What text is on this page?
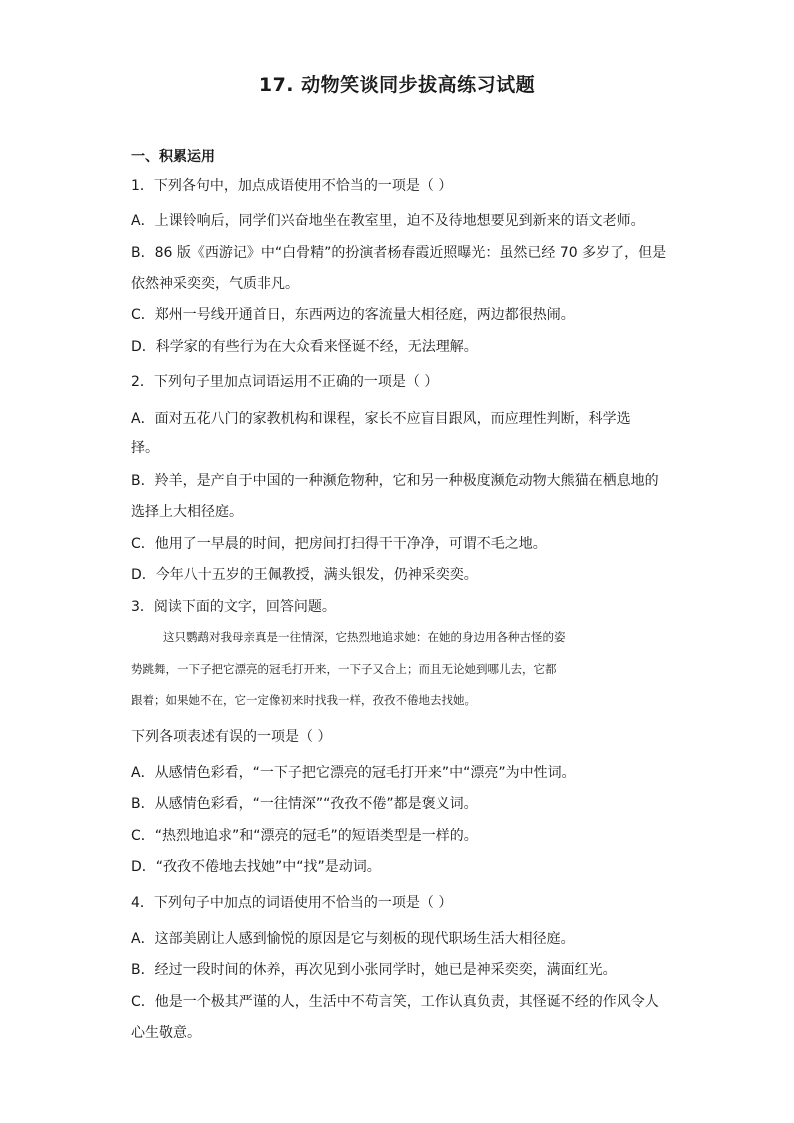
17. 动物笑谈同步拔高练习试题
一、积累运用
1．下列各句中，加点成语使用不恰当的一项是（ ）
A．上课铃响后，同学们兴奋地坐在教室里，迫不及待地想要见到新来的语文老师。
B．86 版《西游记》中“白骨精”的扮演者杨春霞近照曝光：虽然已经 70 多岁了，但是
依然神采奕奕，气质非凡。
C．郑州一号线开通首日，东西两边的客流量大相径庭，两边都很热闹。
D．科学家的有些行为在大众看来怪诞不经，无法理解。
2．下列句子里加点词语运用不正确的一项是（ ）
A．面对五花八门的家教机构和课程，家长不应盲目跟风，而应理性判断，科学选
择。
B．羚羊，是产自于中国的一种濒危物种，它和另一种极度濒危动物大熊猫在栖息地的
选择上大相径庭。
C．他用了一早晨的时间，把房间打扫得干干净净，可谓不毛之地。
D．今年八十五岁的王佩教授，满头银发，仍神采奕奕。
3．阅读下面的文字，回答问题。
这只鹦鹉对我母亲真是一往情深，它热烈地追求她：在她的身边用各种古怪的姿
势跳舞，一下子把它漂亮的冠毛打开来，一下子又合上；而且无论她到哪儿去，它都
跟着；如果她不在，它一定像初来时找我一样，孜孜不倦地去找她。
下列各项表述有误的一项是（ ）
A．从感情色彩看，“一下子把它漂亮的冠毛打开来”中“漂亮”为中性词。
B．从感情色彩看，“一往情深”“孜孜不倦”都是褒义词。
C．“热烈地追求”和“漂亮的冠毛”的短语类型是一样的。
D．“孜孜不倦地去找她”中“找”是动词。
4．下列句子中加点的词语使用不恰当的一项是（ ）
A．这部美剧让人感到愉悦的原因是它与刻板的现代职场生活大相径庭。
B．经过一段时间的休养，再次见到小张同学时，她已是神采奕奕，满面红光。
C．他是一个极其严谨的人，生活中不苟言笑，工作认真负责，其怪诞不经的作风令人
心生敬意。
